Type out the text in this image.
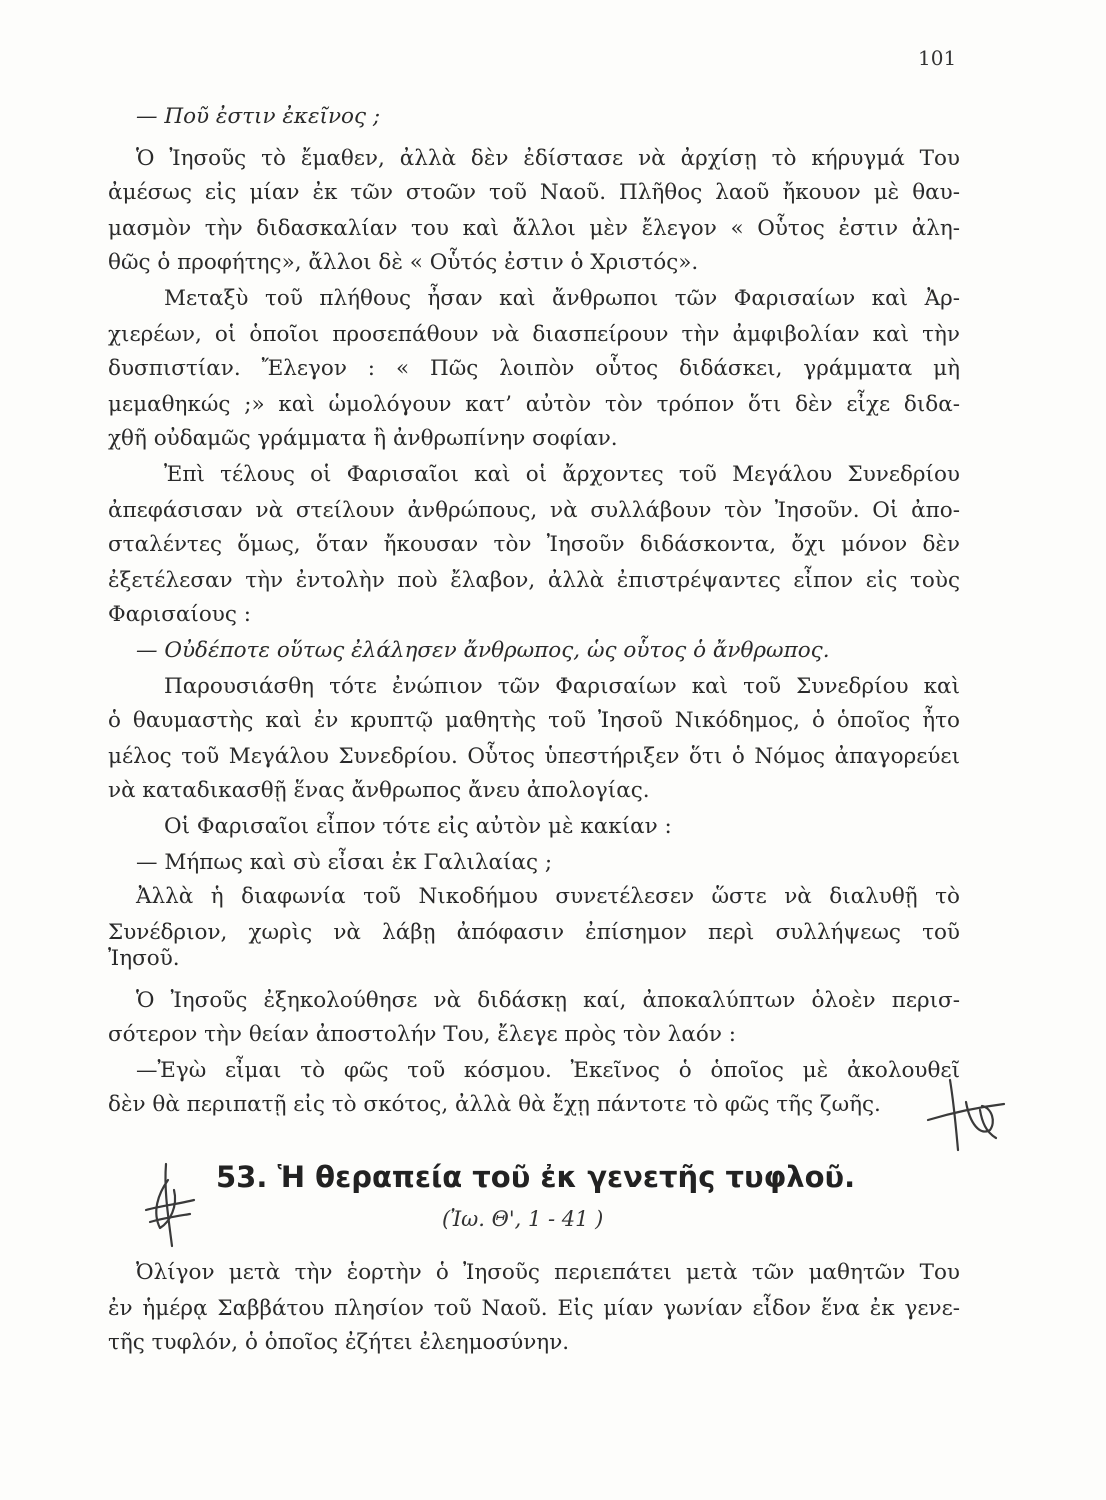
101
— Ποῦ ἐστιν ἐκεῖνος ;
Ὁ Ἰησοῦς τὸ ἔμαθεν, ἀλλὰ δὲν ἐδίστασε νὰ ἀρχίσῃ τὸ κήρυγμά Του
ἀμέσως εἰς μίαν ἐκ τῶν στοῶν τοῦ Ναοῦ. Πλῆθος λαοῦ ἤκουον μὲ θαυ-
μασμὸν τὴν διδασκαλίαν του καὶ ἄλλοι μὲν ἔλεγον « Οὗτος ἐστιν ἀλη-
θῶς ὁ προφήτης», ἄλλοι δὲ « Οὗτός ἐστιν ὁ Χριστός».
Μεταξὺ τοῦ πλήθους ἦσαν καὶ ἄνθρωποι τῶν Φαρισαίων καὶ Ἀρ-
χιερέων, οἱ ὁποῖοι προσεπάθουν νὰ διασπείρουν τὴν ἀμφιβολίαν καὶ τὴν
δυσπιστίαν. Ἔλεγον : « Πῶς λοιπὸν οὗτος διδάσκει, γράμματα μὴ
μεμαθηκώς ;» καὶ ὡμολόγουν κατ’ αὐτὸν τὸν τρόπον ὅτι δὲν εἶχε διδα-
χθῆ οὐδαμῶς γράμματα ἢ ἀνθρωπίνην σοφίαν.
Ἐπὶ τέλους οἱ Φαρισαῖοι καὶ οἱ ἄρχοντες τοῦ Μεγάλου Συνεδρίου
ἀπεφάσισαν νὰ στείλουν ἀνθρώπους, νὰ συλλάβουν τὸν Ἰησοῦν. Οἱ ἀπο-
σταλέντες ὅμως, ὅταν ἤκουσαν τὸν Ἰησοῦν διδάσκοντα, ὄχι μόνον δὲν
ἐξετέλεσαν τὴν ἐντολὴν ποὺ ἔλαβον, ἀλλὰ ἐπιστρέψαντες εἶπον εἰς τοὺς
Φαρισαίους :
— Οὐδέποτε οὕτως ἐλάλησεν ἄνθρωπος, ὡς οὗτος ὁ ἄνθρωπος.
Παρουσιάσθη τότε ἐνώπιον τῶν Φαρισαίων καὶ τοῦ Συνεδρίου καὶ
ὁ θαυμαστὴς καὶ ἐν κρυπτῷ μαθητὴς τοῦ Ἰησοῦ Νικόδημος, ὁ ὁποῖος ἦτο
μέλος τοῦ Μεγάλου Συνεδρίου. Οὗτος ὑπεστήριξεν ὅτι ὁ Νόμος ἀπαγορεύει
νὰ καταδικασθῇ ἕνας ἄνθρωπος ἄνευ ἀπολογίας.
Οἱ Φαρισαῖοι εἶπον τότε εἰς αὐτὸν μὲ κακίαν :
— Μήπως καὶ σὺ εἶσαι ἐκ Γαλιλαίας ;
Ἀλλὰ ἡ διαφωνία τοῦ Νικοδήμου συνετέλεσεν ὥστε νὰ διαλυθῇ τὸ
Συνέδριον, χωρὶς νὰ λάβῃ ἀπόφασιν ἐπίσημον περὶ συλλήψεως τοῦ
Ἰησοῦ.
Ὁ Ἰησοῦς ἐξηκολούθησε νὰ διδάσκῃ καί, ἀποκαλύπτων ὁλοὲν περισ-
σότερον τὴν θείαν ἀποστολήν Του, ἔλεγε πρὸς τὸν λαόν :
—Ἐγὼ εἶμαι τὸ φῶς τοῦ κόσμου. Ἐκεῖνος ὁ ὁποῖος μὲ ἀκολουθεῖ
δὲν θὰ περιπατῇ εἰς τὸ σκότος, ἀλλὰ θὰ ἔχῃ πάντοτε τὸ φῶς τῆς ζωῆς.
53. Ἡ θεραπεία τοῦ ἐκ γενετῆς τυφλοῦ.
(Ἰω. Θ', 1 - 41 )
Ὀλίγον μετὰ τὴν ἑορτὴν ὁ Ἰησοῦς περιεπάτει μετὰ τῶν μαθητῶν Του
ἐν ἡμέρᾳ Σαββάτου πλησίον τοῦ Ναοῦ. Εἰς μίαν γωνίαν εἶδον ἕνα ἐκ γενε-
τῆς τυφλόν, ὁ ὁποῖος ἐζήτει ἐλεημοσύνην.
